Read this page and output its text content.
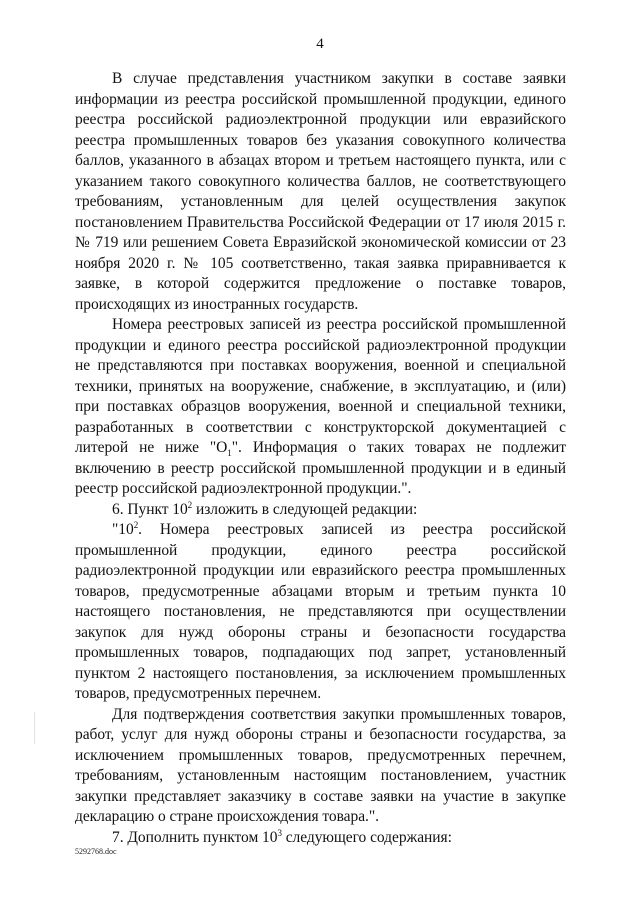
4

В случае представления участником закупки в составе заявки информации из реестра российской промышленной продукции, единого реестра российской радиоэлектронной продукции или евразийского реестра промышленных товаров без указания совокупного количества баллов, указанного в абзацах втором и третьем настоящего пункта, или с указанием такого совокупного количества баллов, не соответствующего требованиям, установленным для целей осуществления закупок постановлением Правительства Российской Федерации от 17 июля 2015 г. № 719 или решением Совета Евразийской экономической комиссии от 23 ноября 2020 г. № 105 соответственно, такая заявка приравнивается к заявке, в которой содержится предложение о поставке товаров, происходящих из иностранных государств.

Номера реестровых записей из реестра российской промышленной продукции и единого реестра российской радиоэлектронной продукции не представляются при поставках вооружения, военной и специальной техники, принятых на вооружение, снабжение, в эксплуатацию, и (или) при поставках образцов вооружения, военной и специальной техники, разработанных в соответствии с конструкторской документацией с литерой не ниже "$О_1$". Информация о таких товарах не подлежит включению в реестр российской промышленной продукции и в единый реестр российской радиоэлектронной продукции.".

6. Пункт $10^2$ изложить в следующей редакции:

"$10^2$. Номера реестровых записей из реестра российской промышленной продукции, единого реестра российской радиоэлектронной продукции или евразийского реестра промышленных товаров, предусмотренные абзацами вторым и третьим пункта 10 настоящего постановления, не представляются при осуществлении закупок для нужд обороны страны и безопасности государства промышленных товаров, подпадающих под запрет, установленный пунктом 2 настоящего постановления, за исключением промышленных товаров, предусмотренных перечнем.

Для подтверждения соответствия закупки промышленных товаров, работ, услуг для нужд обороны страны и безопасности государства, за исключением промышленных товаров, предусмотренных перечнем, требованиям, установленным настоящим постановлением, участник закупки представляет заказчику в составе заявки на участие в закупке декларацию о стране происхождения товара.".

7. Дополнить пунктом $10^3$ следующего содержания:

5292768.doc
